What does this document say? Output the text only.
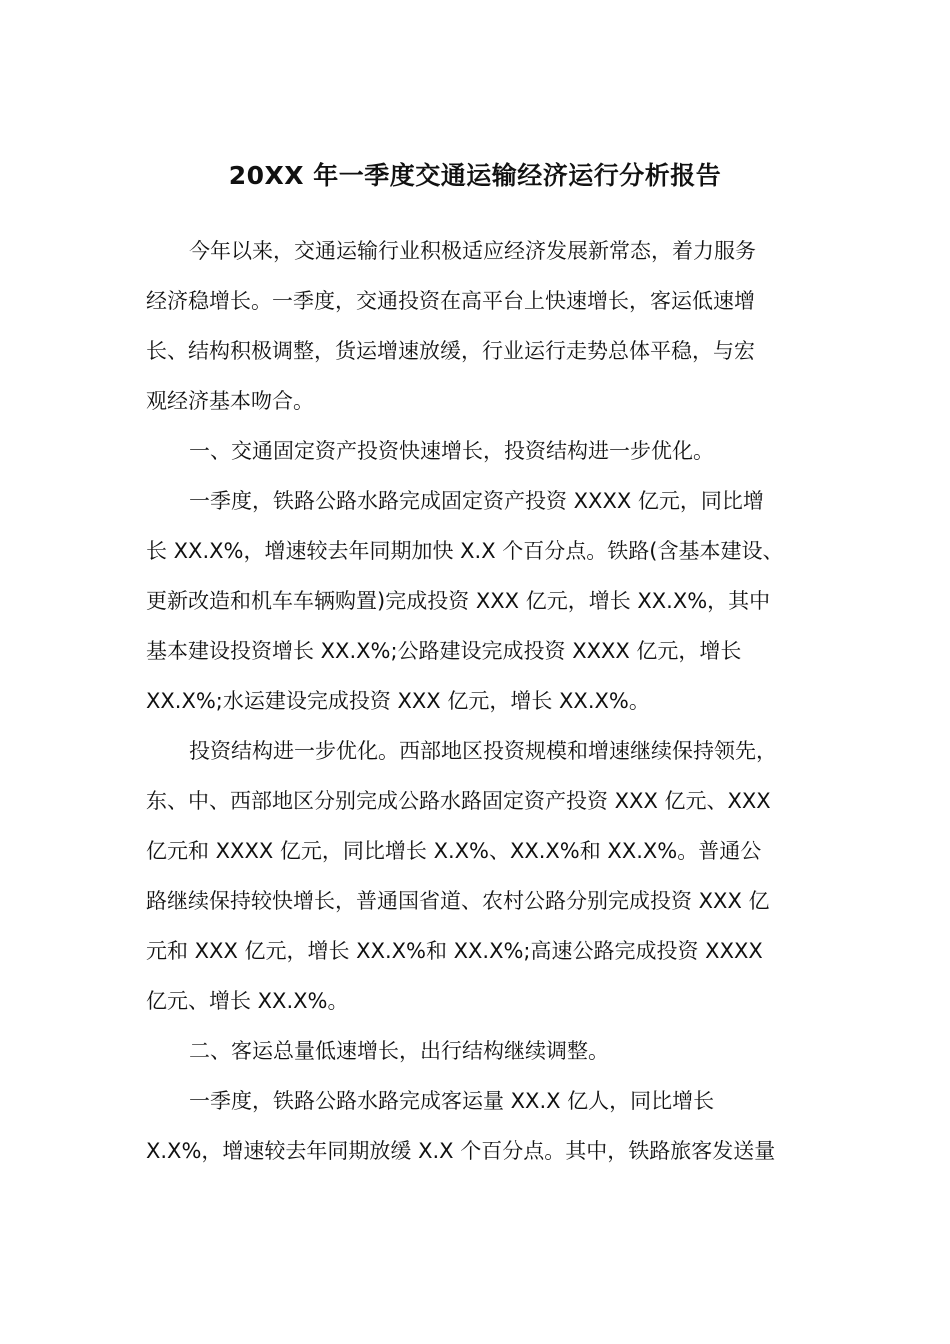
20XX 年一季度交通运输经济运行分析报告

今年以来，交通运输行业积极适应经济发展新常态，着力服务

经济稳增长。一季度，交通投资在高平台上快速增长，客运低速增

长、结构积极调整，货运增速放缓，行业运行走势总体平稳，与宏

观经济基本吻合。

一、交通固定资产投资快速增长，投资结构进一步优化。

一季度，铁路公路水路完成固定资产投资 XXXX 亿元，同比增

长 XX.X%，增速较去年同期加快 X.X 个百分点。铁路(含基本建设、

更新改造和机车车辆购置)完成投资 XXX 亿元，增长 XX.X%，其中

基本建设投资增长 XX.X%;公路建设完成投资 XXXX 亿元，增长

XX.X%;水运建设完成投资 XXX 亿元，增长 XX.X%。

投资结构进一步优化。西部地区投资规模和增速继续保持领先，

东、中、西部地区分别完成公路水路固定资产投资 XXX 亿元、XXX

亿元和 XXXX 亿元，同比增长 X.X%、XX.X%和 XX.X%。普通公

路继续保持较快增长，普通国省道、农村公路分别完成投资 XXX 亿

元和 XXX 亿元，增长 XX.X%和 XX.X%;高速公路完成投资 XXXX

亿元、增长 XX.X%。

二、客运总量低速增长，出行结构继续调整。

一季度，铁路公路水路完成客运量 XX.X 亿人，同比增长

X.X%，增速较去年同期放缓 X.X 个百分点。其中，铁路旅客发送量
